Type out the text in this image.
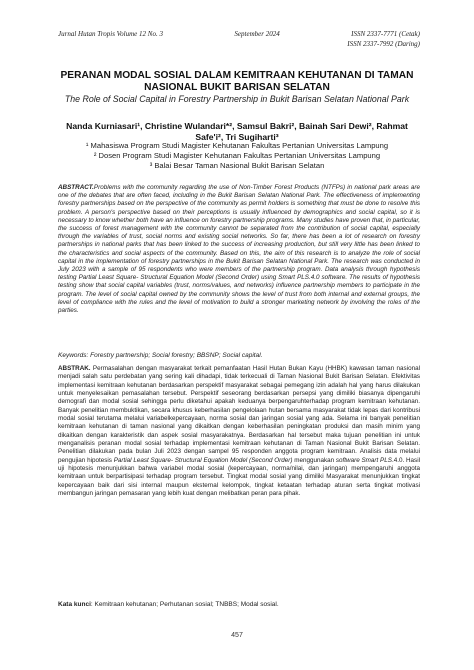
Jurnal Hutan Tropis Volume 12 No. 3	September 2024	ISSN 2337-7771 (Cetak)
ISSN 2337-7992 (Daring)
PERANAN MODAL SOSIAL DALAM KEMITRAAN KEHUTANAN DI TAMAN NASIONAL BUKIT BARISAN SELATAN
The Role of Social Capital in Forestry Partnership in Bukit Barisan Selatan National Park
Nanda Kurniasari¹, Christine Wulandari*², Samsul Bakri², Bainah Sari Dewi², Rahmat Safe'i², Tri Sugiharti³
¹ Mahasiswa Program Studi Magister Kehutanan Fakultas Pertanian Universitas Lampung
² Dosen Program Studi Magister Kehutanan Fakultas Pertanian Universitas Lampung
³ Balai Besar Taman Nasional Bukit Barisan Selatan
ABSTRACT.Problems with the community regarding the use of Non-Timber Forest Products (NTFPs) in national park areas are one of the debates that are often faced, including in the Bukit Barisan Selatan National Park. The effectiveness of implementing forestry partnerships based on the perspective of the community as permit holders is something that must be done to resolve this problem. A person's perspective based on their perceptions is usually influenced by demographics and social capital, so it is necessary to know whether both have an influence on forestry partnership programs. Many studies have proven that, in particular, the success of forest management with the community cannot be separated from the contribution of social capital, especially through the variables of trust, social norms and existing social networks. So far, there has been a lot of research on forestry partnerships in national parks that has been linked to the success of increasing production, but still very little has been linked to the characteristics and social aspects of the community. Based on this, the aim of this research is to analyze the role of social capital in the implementation of forestry partnerships in the Bukit Barisan Selatan National Park. The research was conducted in July 2023 with a sample of 95 respondents who were members of the partnership program. Data analysis through hypothesis testing Partial Least Square- Structural Equation Model (Second Order) using Smart PLS.4.0 software. The results of hypothesis testing show that social capital variables (trust, norms/values, and networks) influence partnership members to participate in the program. The level of social capital owned by the community shows the level of trust from both internal and external groups, the level of compliance with the rules and the level of motivation to build a stronger marketing network by involving the roles of the parties.
Keywords: Forestry partnership; Social forestry; BBSNP; Social capital.
ABSTRAK. Permasalahan dengan masyarakat terkait pemanfaatan Hasil Hutan Bukan Kayu (HHBK) kawasan taman nasional menjadi salah satu perdebatan yang sering kali dihadapi, tidak terkecuali di Taman Nasional Bukit Barisan Selatan. Efektivitas implementasi kemitraan kehutanan berdasarkan perspektif masyarakat sebagai pemegang izin adalah hal yang harus dilakukan untuk menyelesaikan pemasalahan tersebut. Perspektif seseorang berdasarkan persepsi yang dimiliki biasanya dipengaruhi demografi dan modal sosial sehingga perlu diketahui apakah keduanya berpengaruhterhadap program kemitraan kehutanan. Banyak penelitian membuktikan, secara khusus keberhasilan pengelolaan hutan bersama masyarakat tidak lepas dari kontribusi modal sosial terutama melalui variabelkepercayaan, norma sosial dan jaringan sosial yang ada. Selama ini banyak penelitian kemitraan kehutanan di taman nasional yang dikaitkan dengan keberhasilan peningkatan produksi dan masih minim yang dikaitkan dengan karakteristik dan aspek sosial masyarakatnya. Berdasarkan hal tersebut maka tujuan penelitian ini untuk menganalisis peranan modal sosial terhadap implementasi kemitraan kehutanan di Taman Nasional Bukit Barisan Selatan. Penelitian dilakukan pada bulan Juli 2023 dengan sampel 95 responden anggota program kemitraan. Analisis data melalui pengujian hipotesis Partial Least Square- Structural Equation Model (Second Order) menggunakan software Smart PLS.4.0. Hasil uji hipotesis menunjukkan bahwa variabel modal sosial (kepercayaan, norma/nilai, dan jaringan) mempengaruhi anggota kemitraan untuk berpartisipasi terhadap program tersebut. Tingkat modal sosial yang dimiliki Masyarakat menunjukkan tingkat kepercayaan baik dari sisi internal maupun eksternal kelompok, tingkat ketaatan terhadap aturan serta tingkat motivasi membangun jaringan pemasaran yang lebih kuat dengan melibatkan peran para pihak.
Kata kunci: Kemitraan kehutanan; Perhutanan sosial; TNBBS; Modal sosial.
457
